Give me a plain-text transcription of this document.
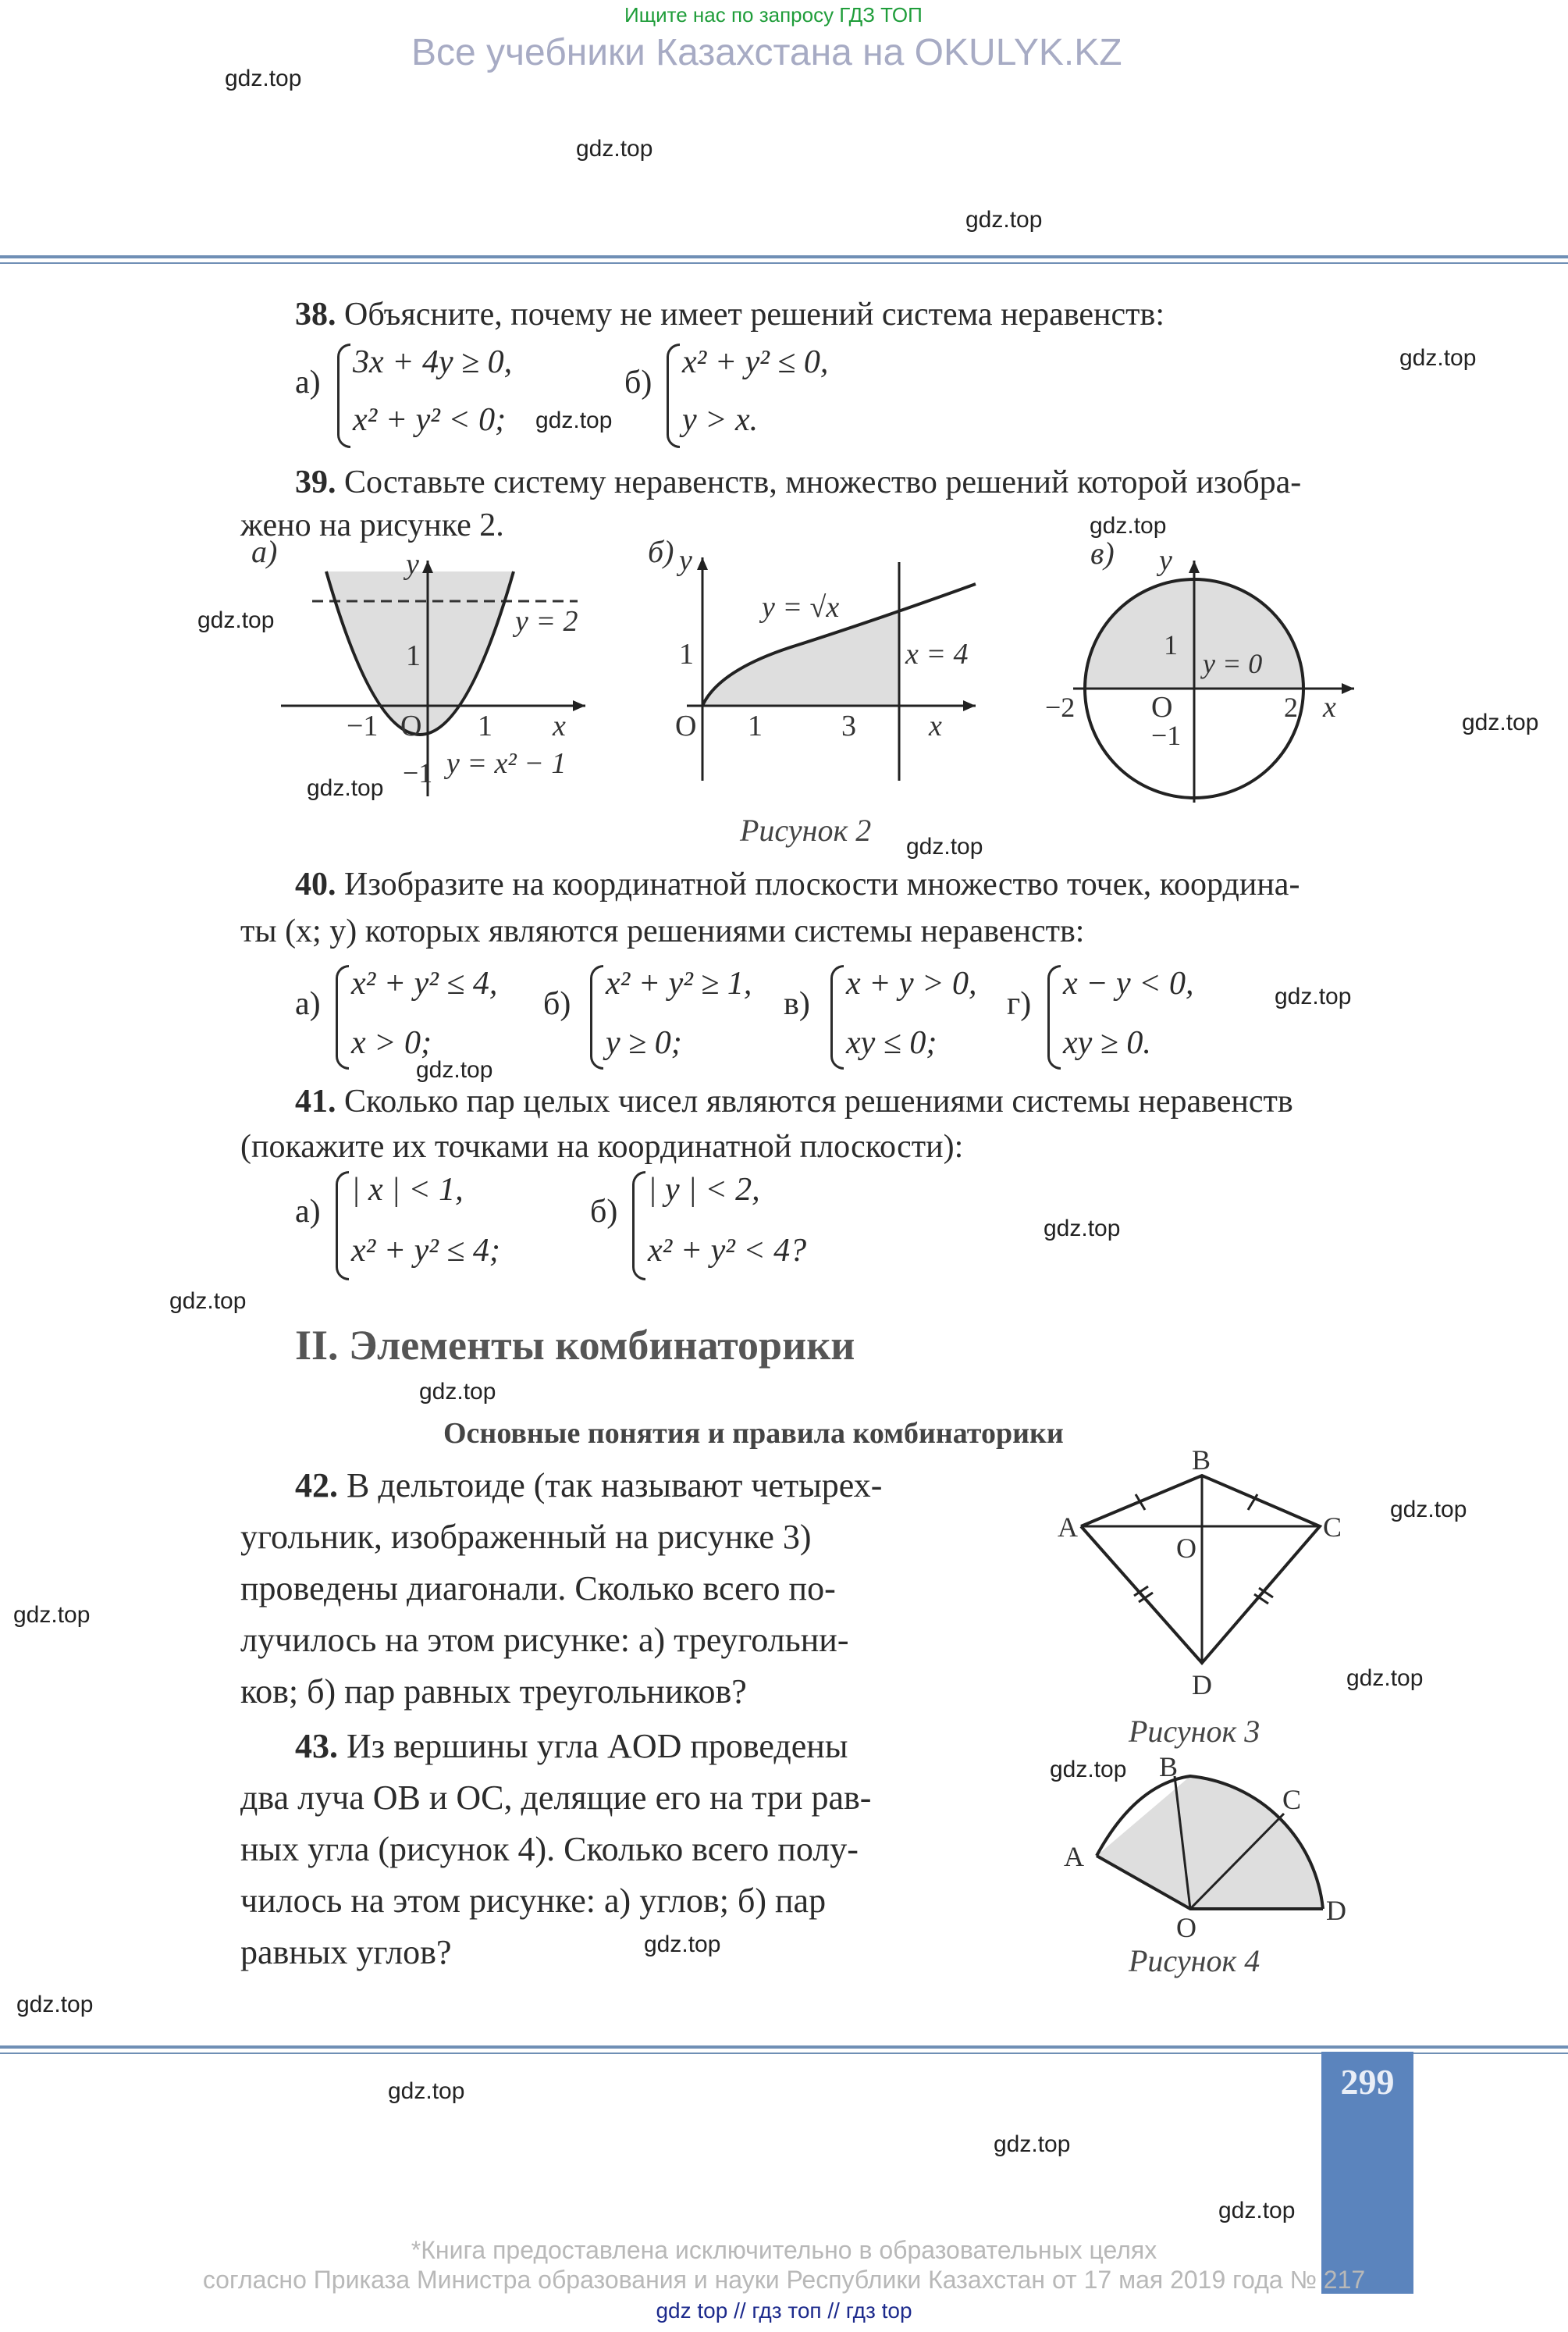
Ищите нас по запросу ГДЗ ТОП
Все учебники Казахстана на OKULYK.KZ
gdz.top
gdz.top
gdz.top
gdz.top
gdz.top
gdz.top
gdz.top
gdz.top
gdz.top
gdz.top
gdz.top
gdz.top
gdz.top
gdz.top
gdz.top
gdz.top
gdz.top
gdz.top
gdz.top
gdz.top
gdz.top
gdz.top
gdz.top
gdz.top
38. Объясните, почему не имеет решений система неравенств:
а)
3x + 4y ≥ 0,
x² + y² < 0;
б)
x² + y² ≤ 0,
y > x.
39. Составьте систему неравенств, множество решений которой изобра-
жено на рисунке 2.
а)	y
x
y = 2
1
−1 O 1
−1 y = x² − 1
б) y
y = √x
x = 4
1
O 1	3 x
в) y
1
y = 0
−2	O
−1
2 x
Рисунок 2
40. Изобразите на координатной плоскости множество точек, координа-
ты (x; y) которых являются решениями системы неравенств:
а)
x² + y² ≤ 4,
x > 0;
б)
x² + y² ≥ 1,
y ≥ 0;
в)
x + y > 0,
xy ≤ 0;
г)
x − y < 0,
xy ≥ 0.
41. Сколько пар целых чисел являются решениями системы неравенств
(покажите их точками на координатной плоскости):
а)
| x | < 1,
x² + y² ≤ 4;
б)
| y | < 2,
x² + y² < 4?
II. Элементы комбинаторики
Основные понятия и правила комбинаторики
42. В дельтоиде (так называют четырех-
угольник, изображенный на рисунке 3)
проведены диагонали. Сколько всего по-
лучилось на этом рисунке: а) треугольни-
ков; б) пар равных треугольников?
A
B
C
D
O
Рисунок 3
43. Из вершины угла AOD проведены
два луча OB и OC, делящие его на три рав-
ных угла (рисунок 4). Сколько всего полу-
чилось на этом рисунке: а) углов; б) пар
равных углов?
A
B
C
D
O
Рисунок 4
299
*Книга предоставлена исключительно в образовательных целях
согласно Приказа Министра образования и науки Республики Казахстан от 17 мая 2019 года № 217
gdz top // гдз топ // гдз top
